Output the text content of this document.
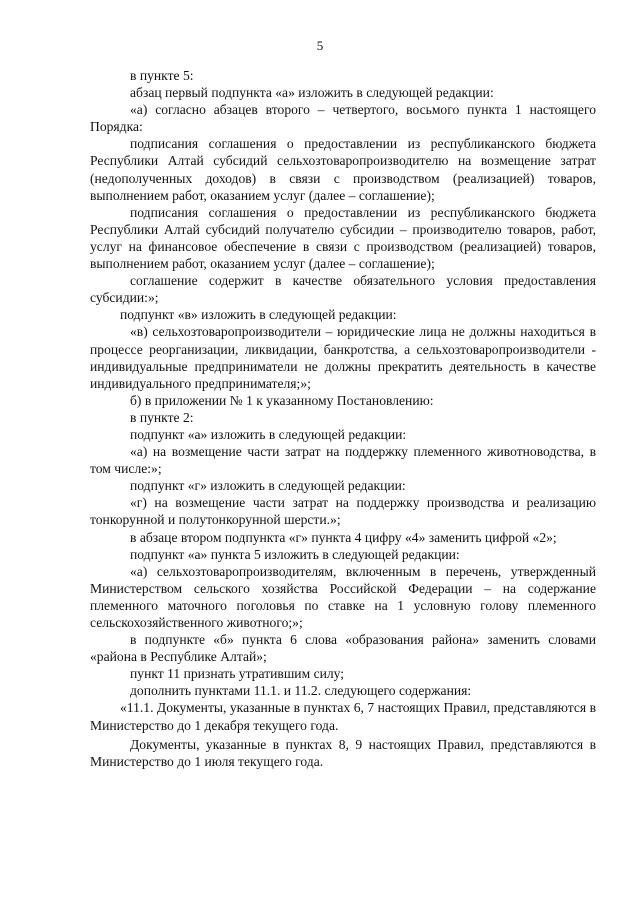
5

в пункте 5:

абзац первый подпункта «а» изложить в следующей редакции:

«а) согласно абзацев второго – четвертого, восьмого пункта 1 настоящего Порядка:

подписания соглашения о предоставлении из республиканского бюджета Республики Алтай субсидий сельхозтоваропроизводителю на возмещение затрат (недополученных доходов) в связи с производством (реализацией) товаров, выполнением работ, оказанием услуг (далее – соглашение);

подписания соглашения о предоставлении из республиканского бюджета Республики Алтай субсидий получателю субсидии – производителю товаров, работ, услуг на финансовое обеспечение в связи с производством (реализацией) товаров, выполнением работ, оказанием услуг (далее – соглашение);

соглашение содержит в качестве обязательного условия предоставления субсидии:»;

подпункт «в» изложить в следующей редакции:

«в) сельхозтоваропроизводители – юридические лица не должны находиться в процессе реорганизации, ликвидации, банкротства, а сельхозтоваропроизводители - индивидуальные предприниматели не должны прекратить деятельность в качестве индивидуального предпринимателя;»;

б) в приложении № 1 к указанному Постановлению:

в пункте 2:

подпункт «а» изложить в следующей редакции:

«а) на возмещение части затрат на поддержку племенного животноводства, в том числе:»;

подпункт «г» изложить в следующей редакции:

«г) на возмещение части затрат на поддержку производства и реализацию тонкорунной и полутонкорунной шерсти.»;

в абзаце втором подпункта «г» пункта 4 цифру «4» заменить цифрой «2»;

подпункт «а» пункта 5 изложить в следующей редакции:

«а) сельхозтоваропроизводителям, включенным в перечень, утвержденный Министерством сельского хозяйства Российской Федерации – на содержание племенного маточного поголовья по ставке на 1 условную голову племенного сельскохозяйственного животного;»;

в подпункте «б» пункта 6 слова «образования района» заменить словами «района в Республике Алтай»;

пункт 11 признать утратившим силу;

дополнить пунктами 11.1. и 11.2. следующего содержания:

«11.1. Документы, указанные в пунктах 6, 7 настоящих Правил, представляются в Министерство до 1 декабря текущего года.

Документы, указанные в пунктах 8, 9 настоящих Правил, представляются в Министерство до 1 июля текущего года.
